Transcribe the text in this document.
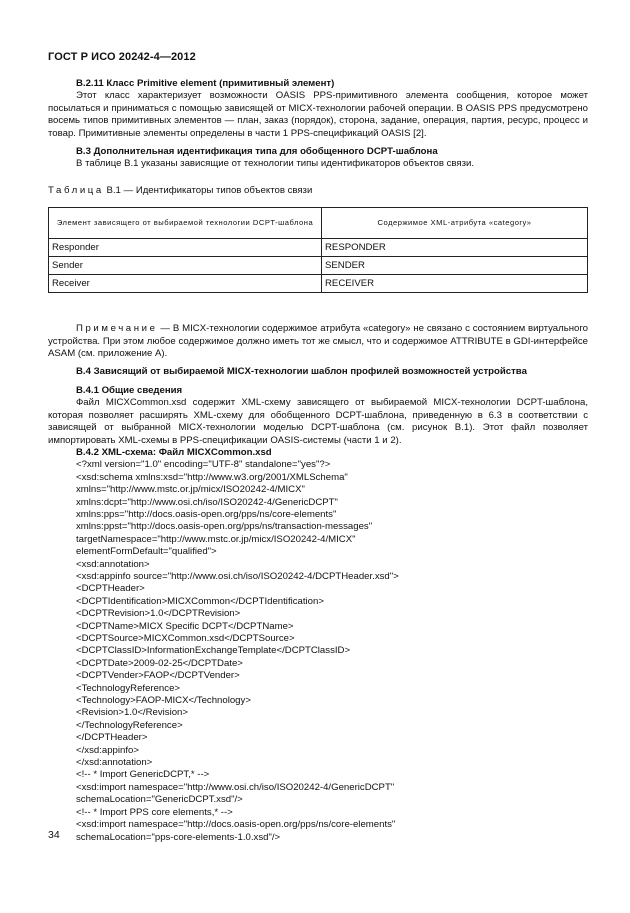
ГОСТ Р ИСО 20242-4—2012

В.2.11 Класс Primitive element (примитивный элемент)

Этот класс характеризует возможности OASIS PPS-примитивного элемента сообщения, которое может посылаться и приниматься с помощью зависящей от MICX-технологии рабочей операции. В OASIS PPS предусмотрено восемь типов примитивных элементов — план, заказ (порядок), сторона, задание, операция, партия, ресурс, процесс и товар. Примитивные элементы определены в части 1 PPS-спецификаций OASIS [2].

В.3 Дополнительная идентификация типа для обобщенного DCPT-шаблона

В таблице В.1 указаны зависящие от технологии типы идентификаторов объектов связи.

Таблица В.1 — Идентификаторы типов объектов связи

Элемент зависящего от выбираемой технологии DCPT-шаблона	Содержимое XML-атрибута «category»
Responder	RESPONDER
Sender	SENDER
Receiver	RECEIVER

Примечание — В MICX-технологии содержимое атрибута «category» не связано с состоянием виртуального устройства. При этом любое содержимое должно иметь тот же смысл, что и содержимое ATTRIBUTE в GDI-интерфейсе ASAM (см. приложение А).

В.4 Зависящий от выбираемой MICX-технологии шаблон профилей возможностей устройства

В.4.1 Общие сведения

Файл MICXCommon.xsd содержит XML-схему зависящего от выбираемой MICX-технологии DCPT-шаблона, которая позволяет расширять XML-схему для обобщенного DCPT-шаблона, приведенную в 6.3 в соответствии с зависящей от выбранной MICX-технологии моделью DCPT-шаблона (см. рисунок В.1). Этот файл позволяет импортировать XML-схемы в PPS-спецификации OASIS-системы (части 1 и 2).

В.4.2 XML-схема: Файл MICXCommon.xsd

<?xml version="1.0" encoding="UTF-8" standalone="yes"?>

<xsd:schema xmlns:xsd="http://www.w3.org/2001/XMLSchema"

xmlns="http://www.mstc.or.jp/micx/ISO20242-4/MICX"

xmlns:dcpt="http://www.osi.ch/iso/ISO20242-4/GenericDCPT"

xmlns:pps="http://docs.oasis-open.org/pps/ns/core-elements"

xmlns:ppst="http://docs.oasis-open.org/pps/ns/transaction-messages"

targetNamespace="http://www.mstc.or.jp/micx/ISO20242-4/MICX"

elementFormDefault="qualified">

<xsd:annotation>

<xsd:appinfo source="http://www.osi.ch/iso/ISO20242-4/DCPTHeader.xsd">

<DCPTHeader>

<DCPTIdentification>MICXCommon</DCPTIdentification>

<DCPTRevision>1.0</DCPTRevision>

<DCPTName>MICX Specific DCPT</DCPTName>

<DCPTSource>MICXCommon.xsd</DCPTSource>

<DCPTClassID>InformationExchangeTemplate</DCPTClassID>

<DCPTDate>2009-02-25</DCPTDate>

<DCPTVender>FAOP</DCPTVender>

<TechnologyReference>

<Technology>FAOP-MICX</Technology>

<Revision>1.0</Revision>

</TechnologyReference>

</DCPTHeader>

</xsd:appinfo>

</xsd:annotation>

<!-- * Import GenericDCPT,* -->

<xsd:import namespace="http://www.osi.ch/iso/ISO20242-4/GenericDCPT"

schemaLocation="GenericDCPT.xsd"/>

<!-- * Import PPS core elements,* -->

<xsd:import namespace="http://docs.oasis-open.org/pps/ns/core-elements"

schemaLocation="pps-core-elements-1.0.xsd"/>

34
